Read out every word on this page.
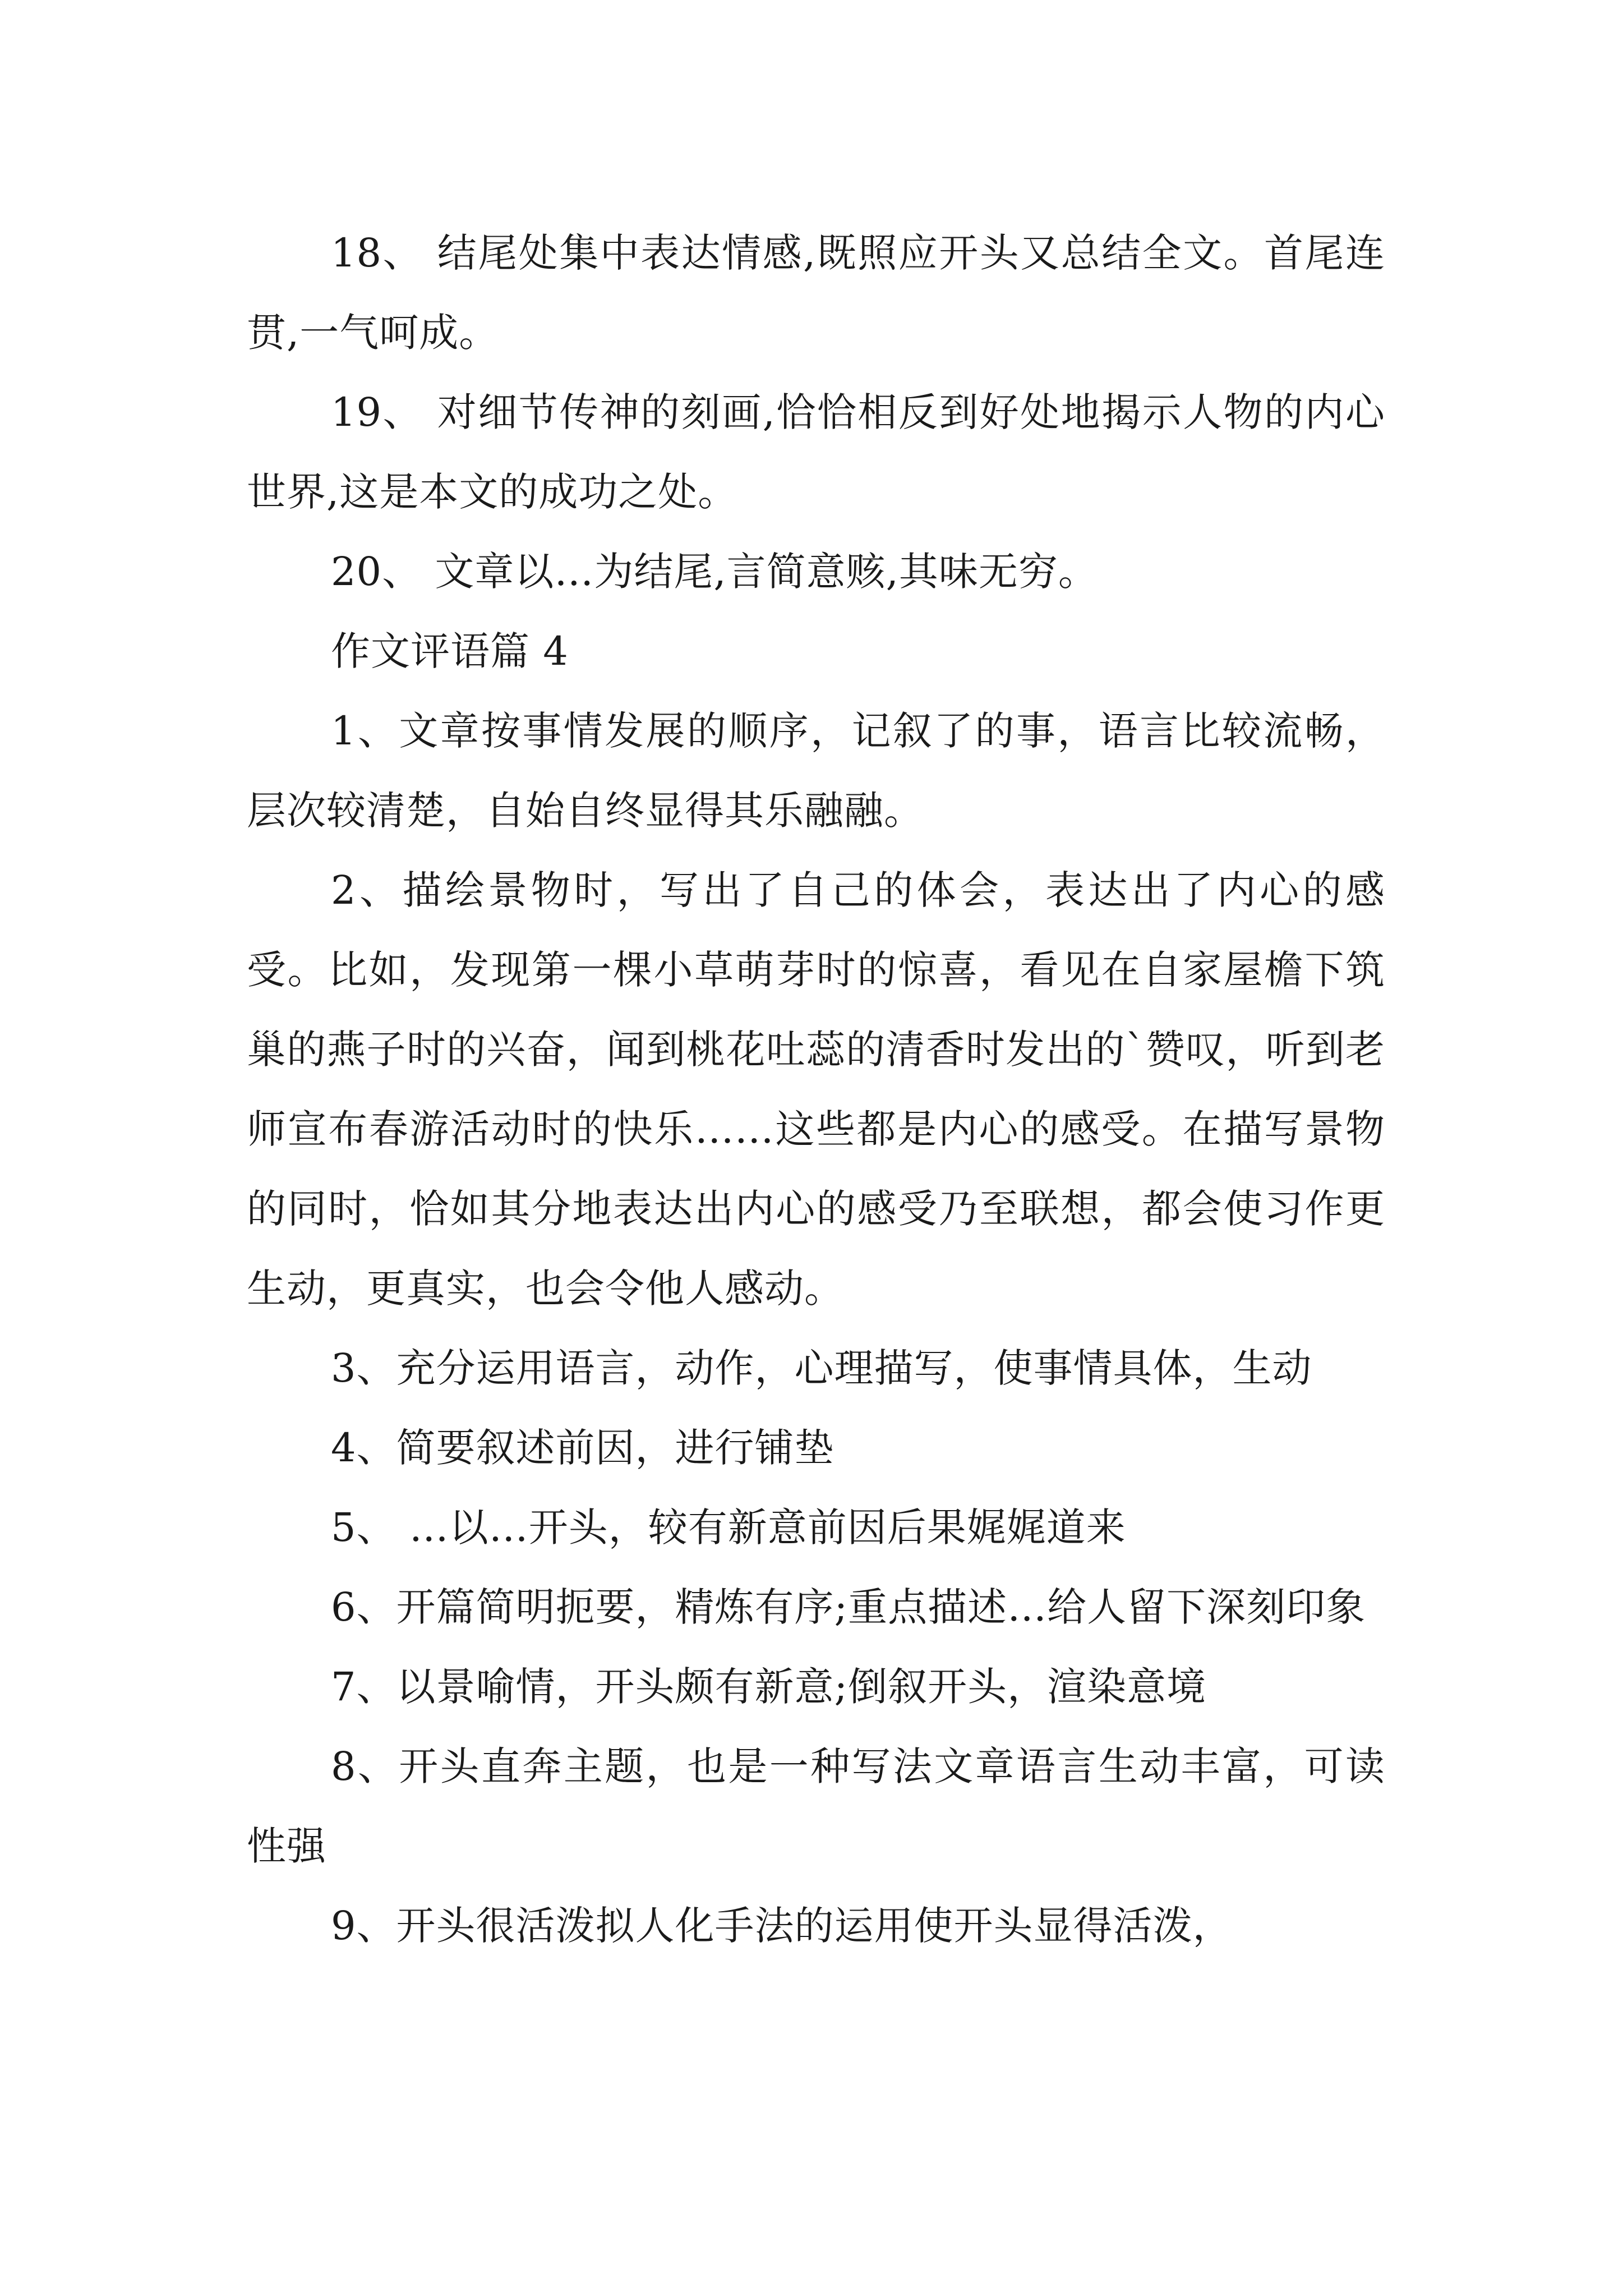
18、 结尾处集中表达情感,既照应开头又总结全文。首尾连贯,一气呵成。

19、 对细节传神的刻画,恰恰相反到好处地揭示人物的内心世界,这是本文的成功之处。

20、 文章以…为结尾,言简意赅,其味无穷。

作文评语篇 4

1、文章按事情发展的顺序，记叙了的事，语言比较流畅，层次较清楚，自始自终显得其乐融融。

2、描绘景物时，写出了自己的体会，表达出了内心的感受。比如，发现第一棵小草萌芽时的惊喜，看见在自家屋檐下筑巢的燕子时的兴奋，闻到桃花吐蕊的清香时发出的`赞叹，听到老师宣布春游活动时的快乐……这些都是内心的感受。在描写景物的同时，恰如其分地表达出内心的感受乃至联想，都会使习作更生动，更真实，也会令他人感动。

3、充分运用语言，动作，心理描写，使事情具体，生动

4、简要叙述前因，进行铺垫

5、 …以…开头，较有新意前因后果娓娓道来

6、开篇简明扼要，精炼有序;重点描述…给人留下深刻印象

7、以景喻情，开头颇有新意;倒叙开头，渲染意境

8、开头直奔主题，也是一种写法文章语言生动丰富，可读性强

9、开头很活泼拟人化手法的运用使开头显得活泼，
